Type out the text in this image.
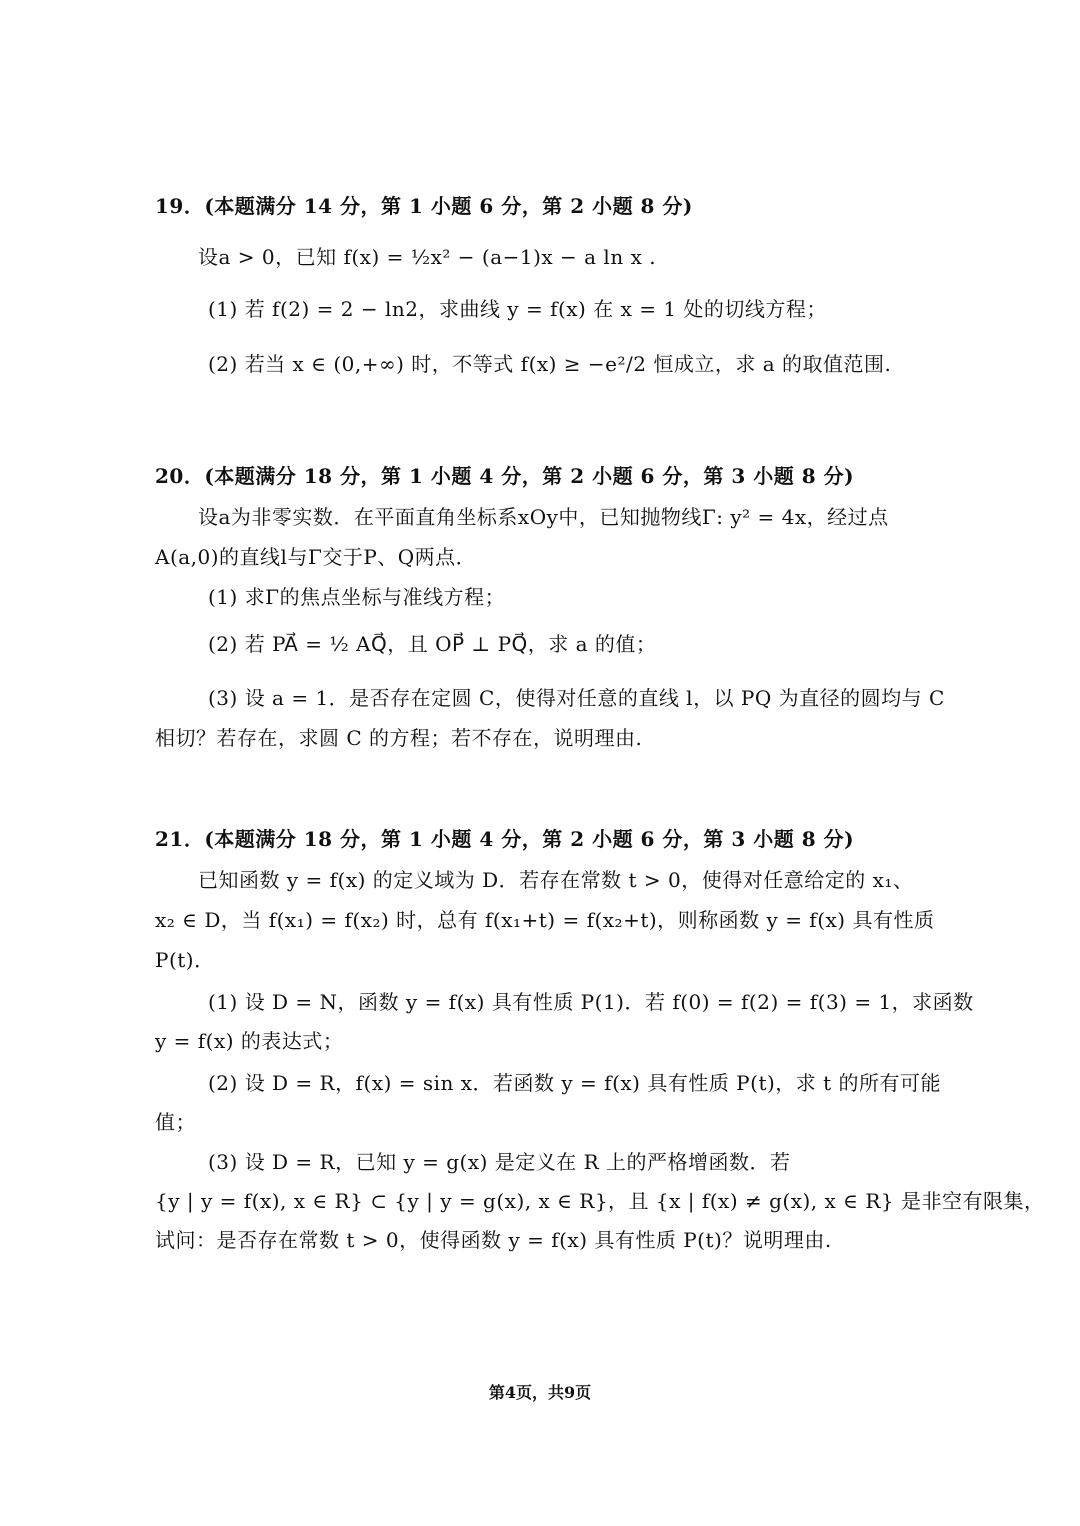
19．(本题满分 14 分，第 1 小题 6 分，第 2 小题 8 分)
设a > 0，已知 f(x) = ½x² − (a−1)x − a ln x .
(1) 若 f(2) = 2 − ln2，求曲线 y = f(x) 在 x = 1 处的切线方程；
(2) 若当 x ∈ (0,+∞) 时，不等式 f(x) ≥ −e²/2 恒成立，求 a 的取值范围.
20．(本题满分 18 分，第 1 小题 4 分，第 2 小题 6 分，第 3 小题 8 分)
设a为非零实数．在平面直角坐标系xOy中，已知抛物线Γ: y² = 4x，经过点
A(a,0)的直线l与Γ交于P、Q两点．
(1) 求Γ的焦点坐标与准线方程；
(2) 若 PA⃗ = ½ AQ⃗，且 OP⃗ ⊥ PQ⃗，求 a 的值；
(3) 设 a = 1．是否存在定圆 C，使得对任意的直线 l，以 PQ 为直径的圆均与 C
相切？若存在，求圆 C 的方程；若不存在，说明理由.
21．(本题满分 18 分，第 1 小题 4 分，第 2 小题 6 分，第 3 小题 8 分)
已知函数 y = f(x) 的定义域为 D．若存在常数 t > 0，使得对任意给定的 x₁、
x₂ ∈ D，当 f(x₁) = f(x₂) 时，总有 f(x₁+t) = f(x₂+t)，则称函数 y = f(x) 具有性质
P(t)．
(1) 设 D = N，函数 y = f(x) 具有性质 P(1)．若 f(0) = f(2) = f(3) = 1，求函数
y = f(x) 的表达式；
(2) 设 D = R，f(x) = sin x．若函数 y = f(x) 具有性质 P(t)，求 t 的所有可能
值；
(3) 设 D = R，已知 y = g(x) 是定义在 R 上的严格增函数．若
{y | y = f(x), x ∈ R} ⊂ {y | y = g(x), x ∈ R}，且 {x | f(x) ≠ g(x), x ∈ R} 是非空有限集，
试问：是否存在常数 t > 0，使得函数 y = f(x) 具有性质 P(t)？说明理由.
第4页，共9页
